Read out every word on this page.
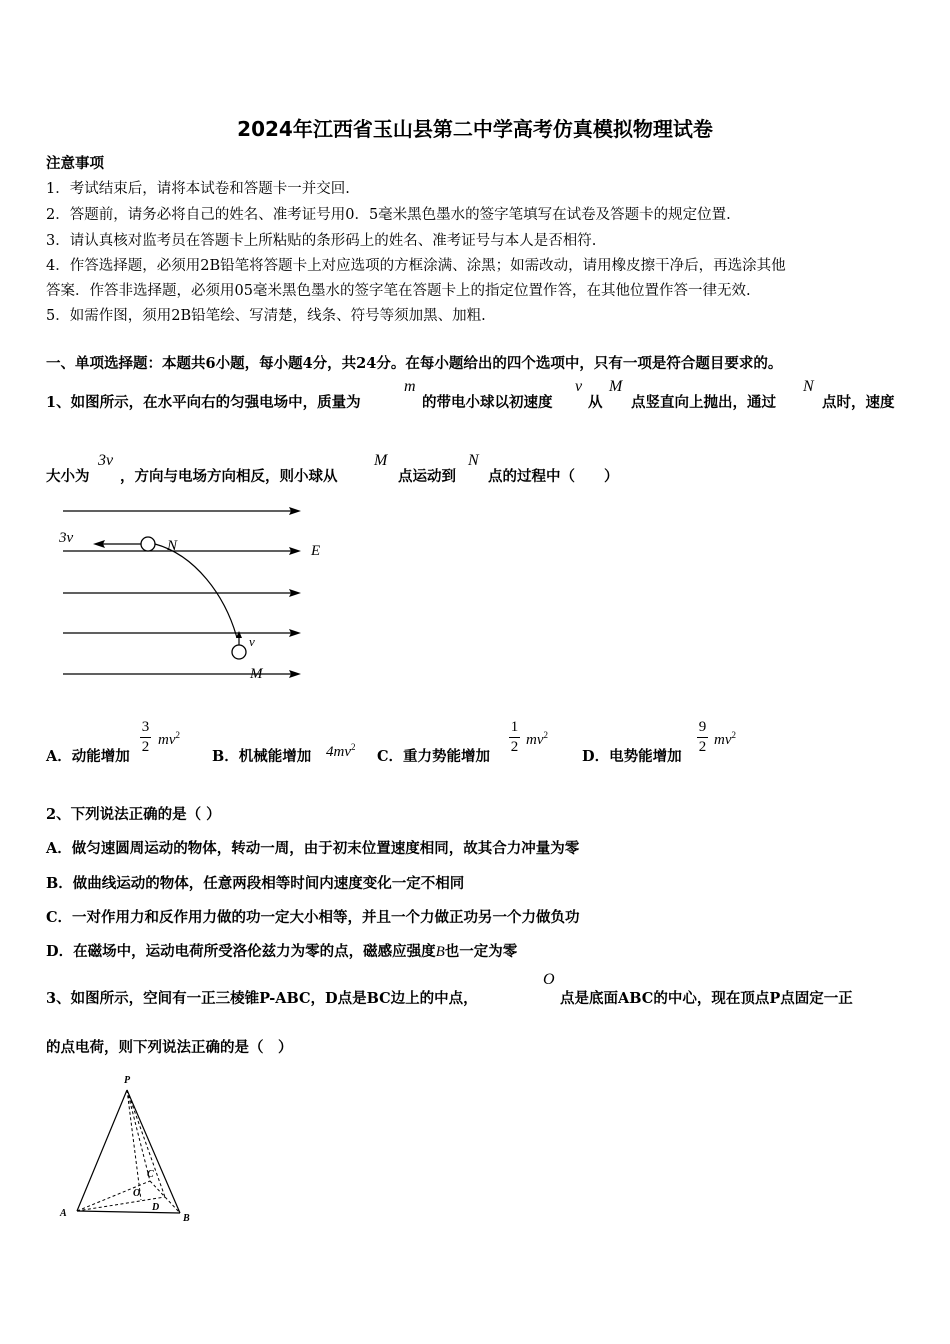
2024年江西省玉山县第二中学高考仿真模拟物理试卷
注意事项
1．考试结束后，请将本试卷和答题卡一并交回.
2．答题前，请务必将自己的姓名、准考证号用0．5毫米黑色墨水的签字笔填写在试卷及答题卡的规定位置.
3．请认真核对监考员在答题卡上所粘贴的条形码上的姓名、准考证号与本人是否相符.
4．作答选择题，必须用2B铅笔将答题卡上对应选项的方框涂满、涂黑；如需改动，请用橡皮擦干净后，再选涂其他
答案．作答非选择题，必须用05毫米黑色墨水的签字笔在答题卡上的指定位置作答，在其他位置作答一律无效.
5．如需作图，须用2B铅笔绘、写清楚，线条、符号等须加黑、加粗.
一、单项选择题：本题共6小题，每小题4分，共24分。在每小题给出的四个选项中，只有一项是符合题目要求的。
1、如图所示，在水平向右的匀强电场中，质量为
m
的带电小球以初速度
v
从
M
点竖直向上抛出，通过
N
点时，速度
大小为
3v
，方向与电场方向相反，则小球从
M
点运动到
N
点的过程中（　　）
3v	N	E
v
M
A．动能增加
3
2 $mv^2$
B．机械能增加 $4mv^2$
C．重力势能增加
1
2 $mv^2$
D．电势能增加
9
2 $mv^2$
2、下列说法正确的是（ ）
A．做匀速圆周运动的物体，转动一周，由于初末位置速度相同，故其合力冲量为零
B．做曲线运动的物体，任意两段相等时间内速度变化一定不相同
C．一对作用力和反作用力做的功一定大小相等，并且一个力做正功另一个力做负功
D．在磁场中，运动电荷所受洛伦兹力为零的点，磁感应强度B也一定为零
3、如图所示，空间有一正三棱锥P-ABC，D点是BC边上的中点，
O
点是底面ABC的中心，现在顶点P点固定一正
的点电荷，则下列说法正确的是（　）
P
A	B
C
O
D
